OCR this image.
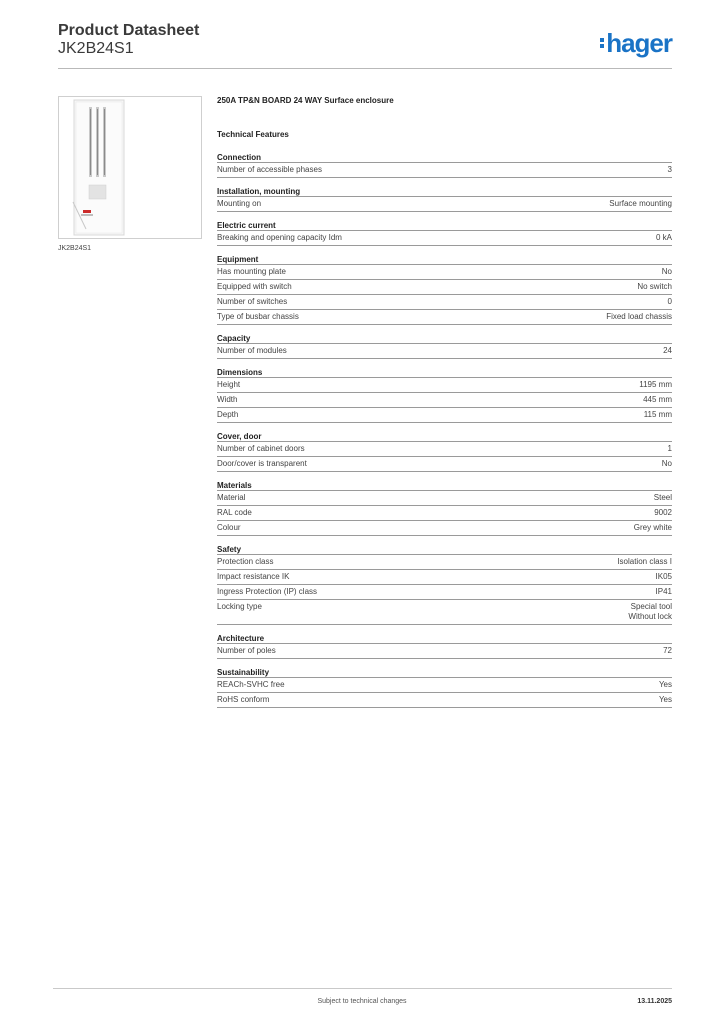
Product Datasheet
JK2B24S1	hager
JK2B24S1
250A TP&N BOARD 24 WAY Surface enclosure
Technical Features
Connection
Number of accessible phases	3
Installation, mounting
Mounting on	Surface mounting
Electric current
Breaking and opening capacity Idm	0 kA
Equipment
Has mounting plate	No
Equipped with switch	No switch
Number of switches	0
Type of busbar chassis	Fixed load chassis
Capacity
Number of modules	24
Dimensions
Height	1195 mm
Width	445 mm
Depth	115 mm
Cover, door
Number of cabinet doors	1
Door/cover is transparent	No
Materials
Material	Steel
RAL code	9002
Colour	Grey white
Safety
Protection class	Isolation class I
Impact resistance IK	IK05
Ingress Protection (IP) class	IP41
Locking type	Special tool
Without lock
Architecture
Number of poles	72
Sustainability
REACh-SVHC free	Yes
RoHS conform	Yes
Subject to technical changes	13.11.2025
